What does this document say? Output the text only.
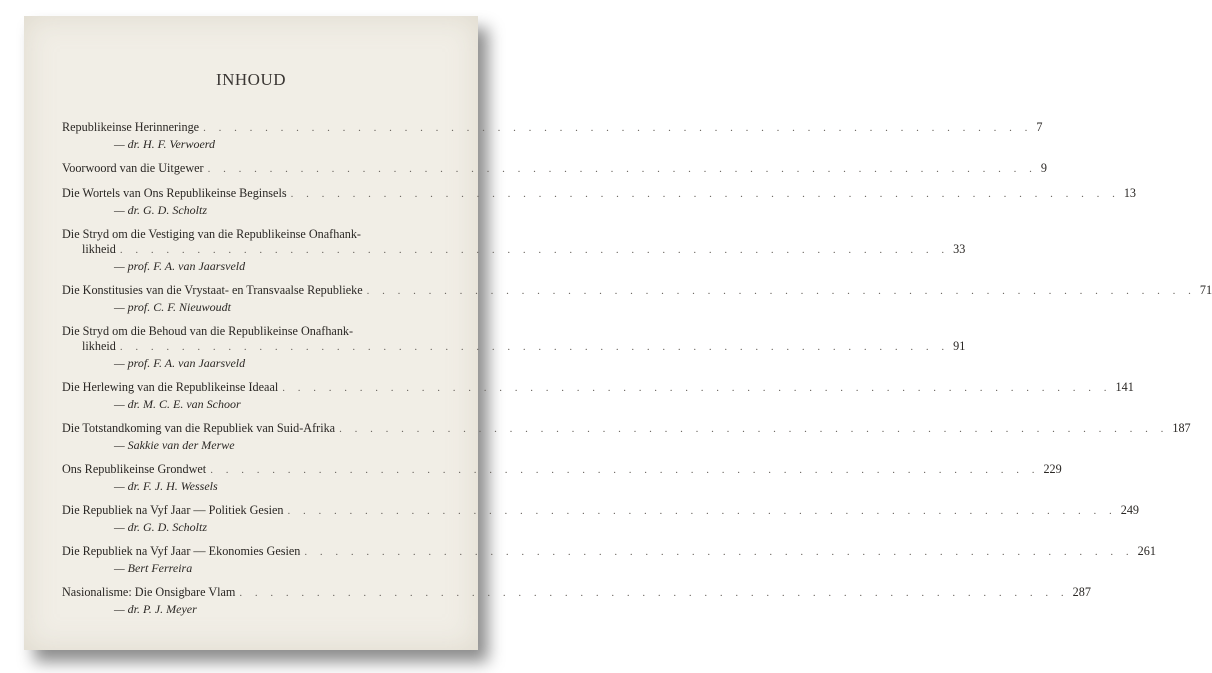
INHOUD
Republikeinse Herinneringe . . . . . . . . . . . . . . . . . . . . . . . . . . . . . . . . . . . . . . . . . . . . . . . . . . . . . . 7
— dr. H. F. Verwoerd
Voorwoord van die Uitgewer . . . . . . . . . . . . . . . . . . . . . . . . . . . . . . . . . . . . . . . . . . . . . . . . . . . . . . 9
Die Wortels van Ons Republikeinse Beginsels . . . . . . . . . . . . . . . . . . . . . . . . . . . . . . . . . . . . . . . . . . . . . . . . . . . . . . 13
— dr. G. D. Scholtz
Die Stryd om die Vestiging van die Republikeinse Onafhank-
likheid . . . . . . . . . . . . . . . . . . . . . . . . . . . . . . . . . . . . . . . . . . . . . . . . . . . . . . 33
— prof. F. A. van Jaarsveld
Die Konstitusies van die Vrystaat- en Transvaalse Republieke . . . . . . . . . . . . . . . . . . . . . . . . . . . . . . . . . . . . . . . . . . . . . . . . . . . . . . 71
— prof. C. F. Nieuwoudt
Die Stryd om die Behoud van die Republikeinse Onafhank-
likheid . . . . . . . . . . . . . . . . . . . . . . . . . . . . . . . . . . . . . . . . . . . . . . . . . . . . . . 91
— prof. F. A. van Jaarsveld
Die Herlewing van die Republikeinse Ideaal . . . . . . . . . . . . . . . . . . . . . . . . . . . . . . . . . . . . . . . . . . . . . . . . . . . . . . 141
— dr. M. C. E. van Schoor
Die Totstandkoming van die Republiek van Suid-Afrika . . . . . . . . . . . . . . . . . . . . . . . . . . . . . . . . . . . . . . . . . . . . . . . . . . . . . . 187
— Sakkie van der Merwe
Ons Republikeinse Grondwet . . . . . . . . . . . . . . . . . . . . . . . . . . . . . . . . . . . . . . . . . . . . . . . . . . . . . . 229
— dr. F. J. H. Wessels
Die Republiek na Vyf Jaar — Politiek Gesien . . . . . . . . . . . . . . . . . . . . . . . . . . . . . . . . . . . . . . . . . . . . . . . . . . . . . . 249
— dr. G. D. Scholtz
Die Republiek na Vyf Jaar — Ekonomies Gesien . . . . . . . . . . . . . . . . . . . . . . . . . . . . . . . . . . . . . . . . . . . . . . . . . . . . . . 261
— Bert Ferreira
Nasionalisme: Die Onsigbare Vlam . . . . . . . . . . . . . . . . . . . . . . . . . . . . . . . . . . . . . . . . . . . . . . . . . . . . . . 287
— dr. P. J. Meyer
